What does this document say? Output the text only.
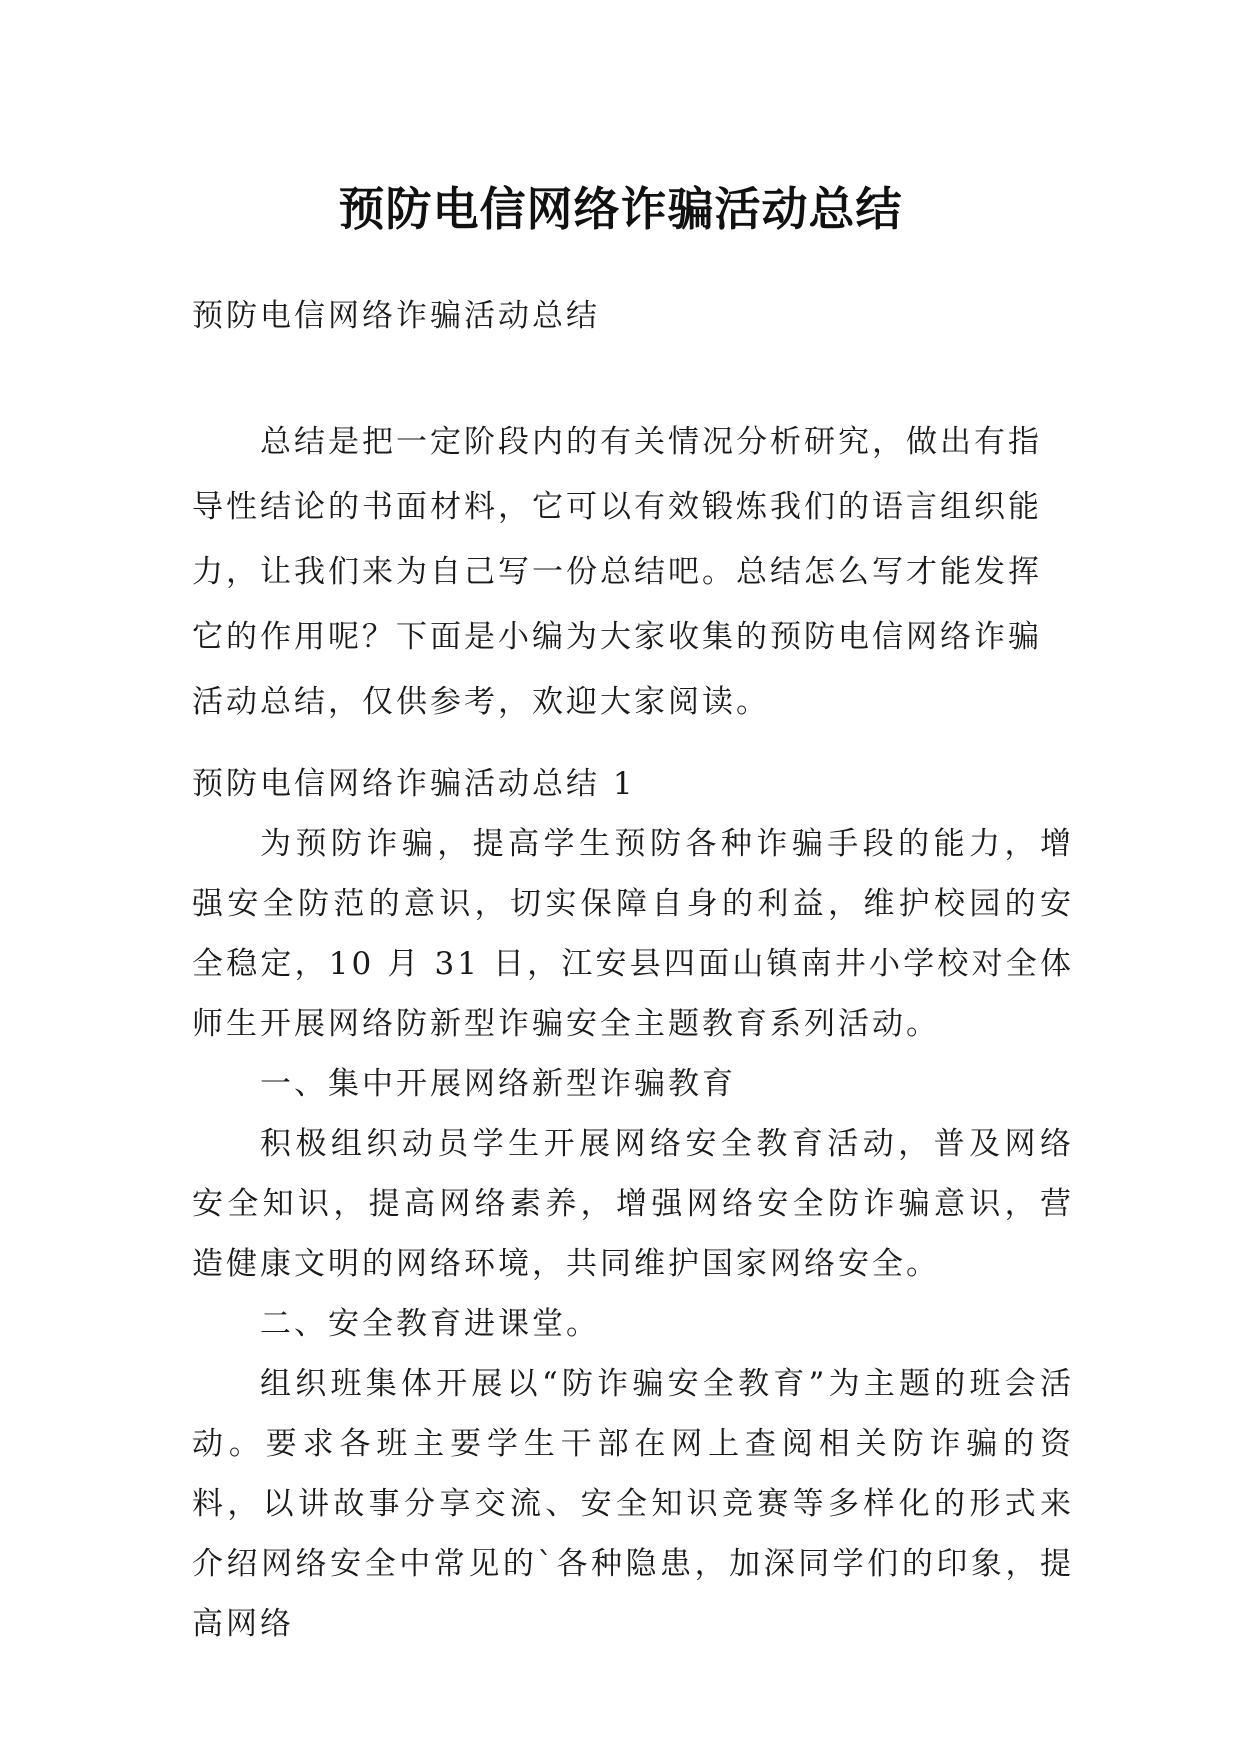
预防电信网络诈骗活动总结

预防电信网络诈骗活动总结

总结是把一定阶段内的有关情况分析研究，做出有指导性结论的书面材料，它可以有效锻炼我们的语言组织能力，让我们来为自己写一份总结吧。总结怎么写才能发挥它的作用呢？下面是小编为大家收集的预防电信网络诈骗活动总结，仅供参考，欢迎大家阅读。

预防电信网络诈骗活动总结 1

为预防诈骗，提高学生预防各种诈骗手段的能力，增强安全防范的意识，切实保障自身的利益，维护校园的安全稳定，10 月 31 日，江安县四面山镇南井小学校对全体师生开展网络防新型诈骗安全主题教育系列活动。

一、集中开展网络新型诈骗教育

积极组织动员学生开展网络安全教育活动，普及网络安全知识，提高网络素养，增强网络安全防诈骗意识，营造健康文明的网络环境，共同维护国家网络安全。

二、安全教育进课堂。

组织班集体开展以“防诈骗安全教育”为主题的班会活动。要求各班主要学生干部在网上查阅相关防诈骗的资料，以讲故事分享交流、安全知识竞赛等多样化的形式来介绍网络安全中常见的`各种隐患，加深同学们的印象，提高网络
